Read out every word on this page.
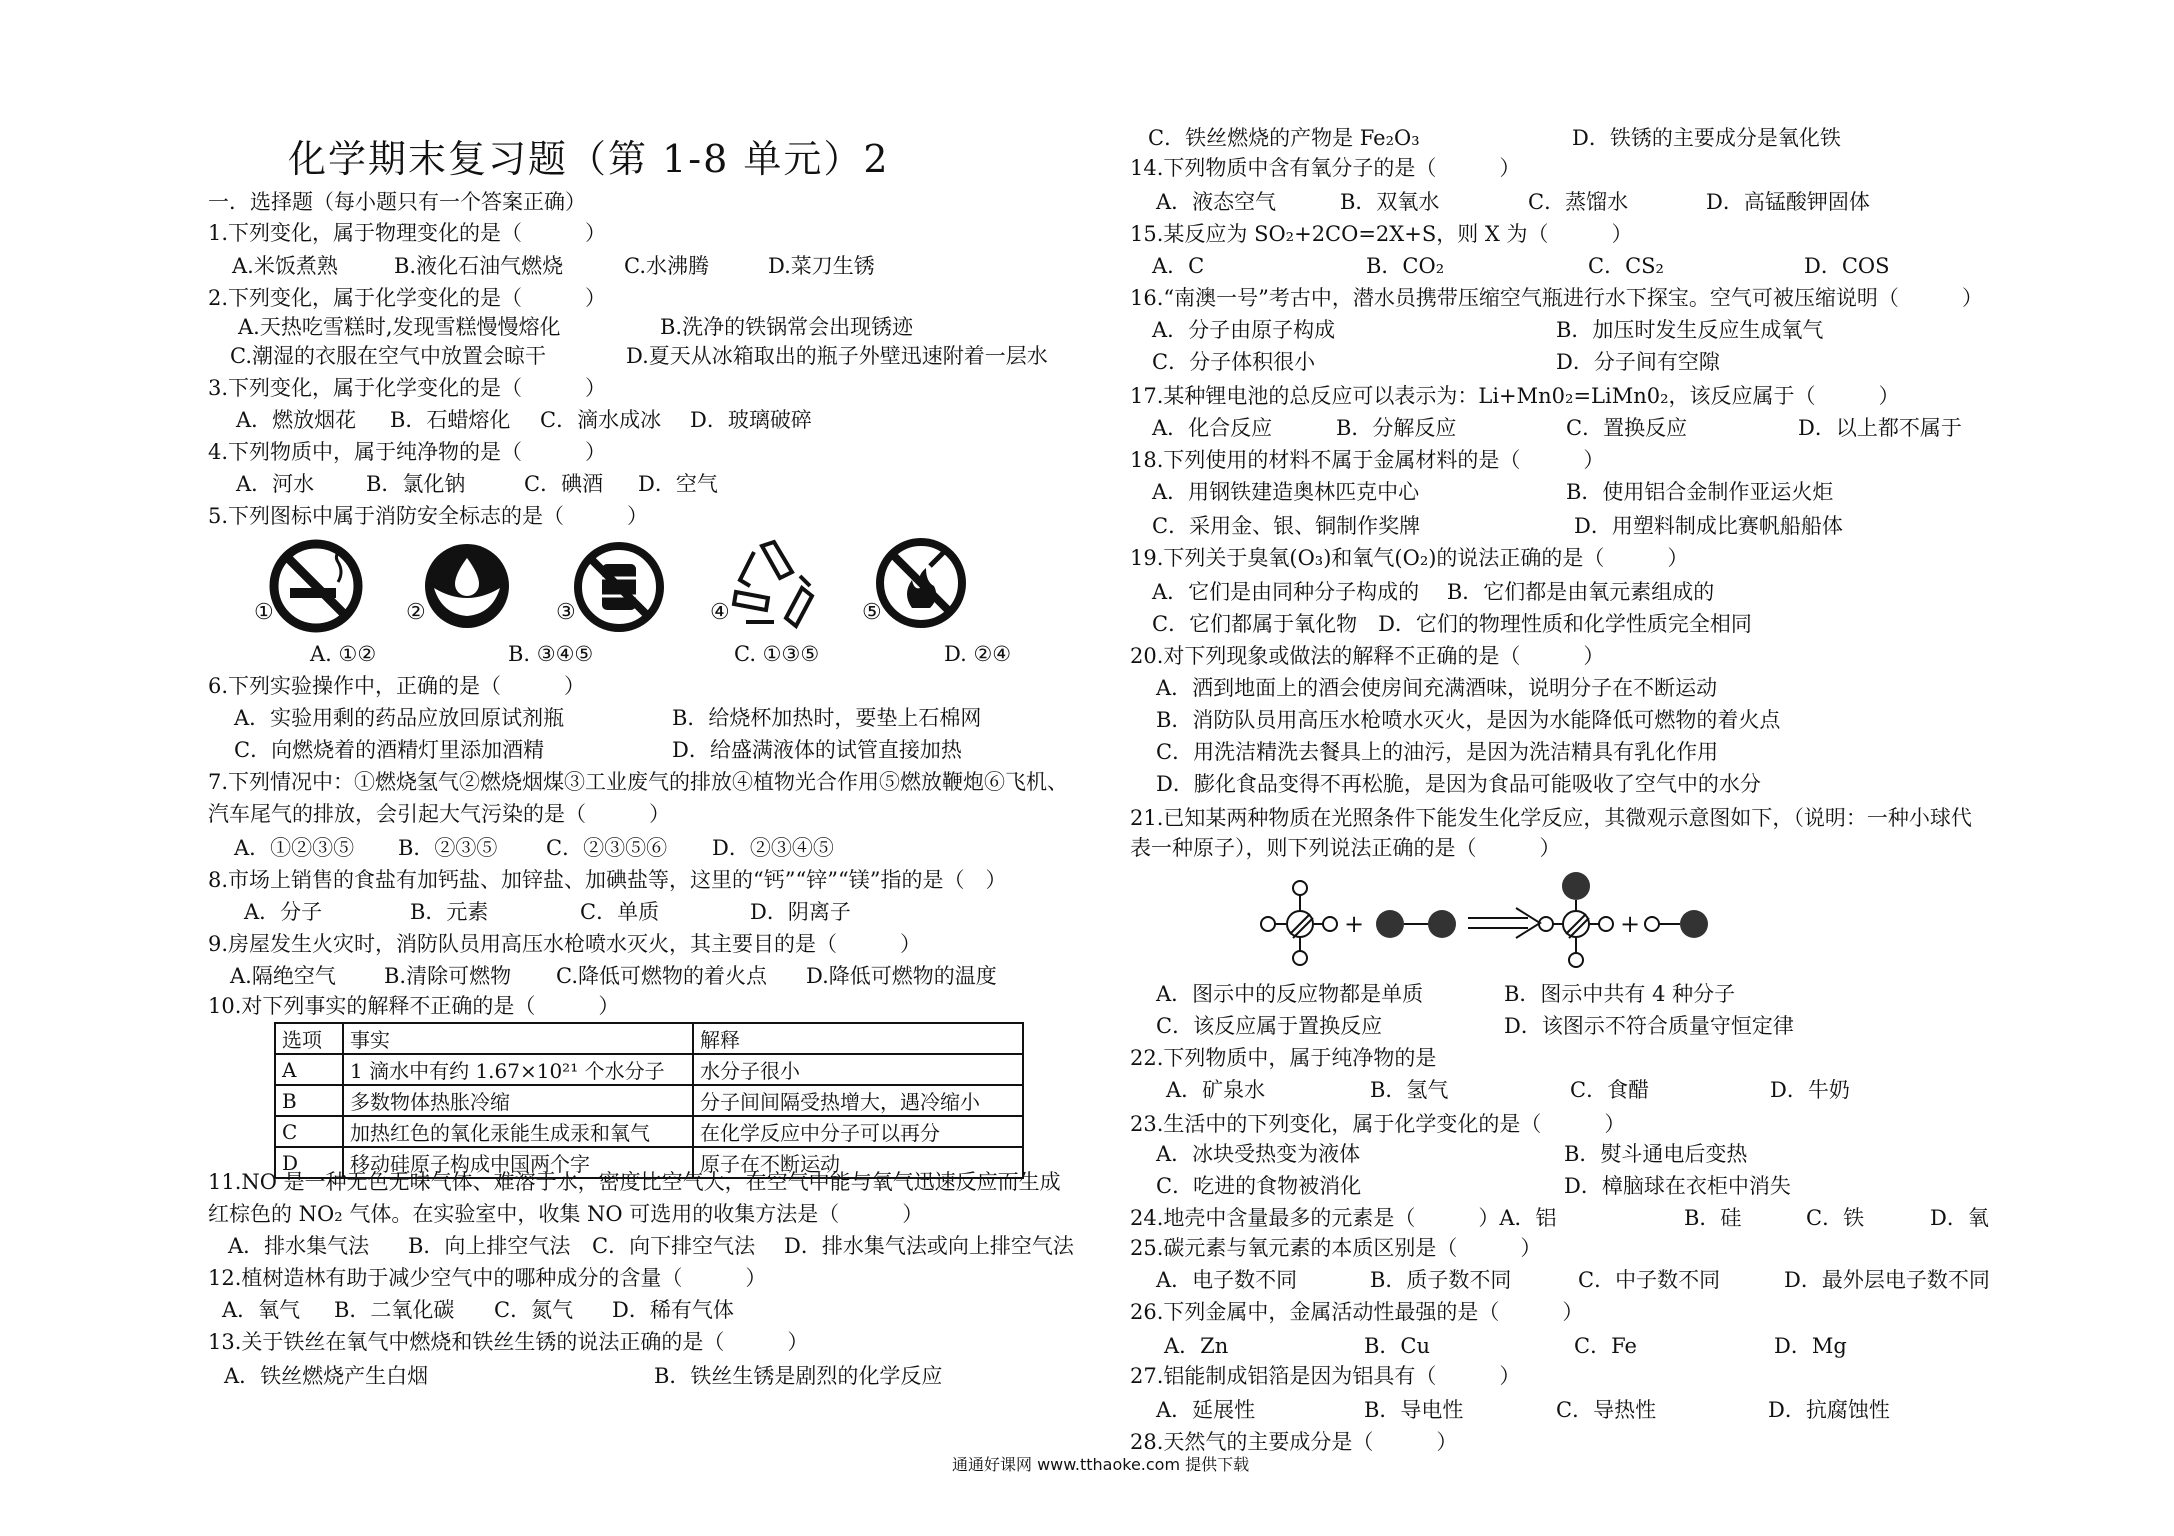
化学期末复习题（第 1-8 单元）2
一．选择题（每小题只有一个答案正确）
1.下列变化，属于物理变化的是（　　　）
A.米饭煮熟	B.液化石油气燃烧	C.水沸腾	D.菜刀生锈
2.下列变化，属于化学变化的是（　　　）
A.天热吃雪糕时,发现雪糕慢慢熔化	B.洗净的铁锅常会出现锈迹
C.潮湿的衣服在空气中放置会晾干	D.夏天从冰箱取出的瓶子外壁迅速附着一层水
3.下列变化，属于化学变化的是（　　　）
A．燃放烟花 B．石蜡熔化 C．滴水成冰 D．玻璃破碎
4.下列物质中，属于纯净物的是（　　　）
A．河水 B．氯化钠	C．碘酒 D．空气
5.下列图标中属于消防安全标志的是（　　　）
①	②	③	④	⑤
A. ①②	B. ③④⑤	C. ①③⑤	D. ②④
6.下列实验操作中，正确的是（　　　）
A．实验用剩的药品应放回原试剂瓶	B．给烧杯加热时，要垫上石棉网
C．向燃烧着的酒精灯里添加酒精	D．给盛满液体的试管直接加热
7.下列情况中：①燃烧氢气②燃烧烟煤③工业废气的排放④植物光合作用⑤燃放鞭炮⑥飞机、
汽车尾气的排放，会引起大气污染的是（　　　）
A．①②③⑤ B．②③⑤ C．②③⑤⑥ D．②③④⑤
8.市场上销售的食盐有加钙盐、加锌盐、加碘盐等，这里的“钙”“锌”“镁”指的是（　）
A．分子	B．元素	C．单质	D．阴离子
9.房屋发生火灾时，消防队员用高压水枪喷水灭火，其主要目的是（　　　）
A.隔绝空气 B.清除可燃物 C.降低可燃物的着火点 D.降低可燃物的温度
10.对下列事实的解释不正确的是（　　　）
选项	事实	解释
A	1 滴水中有约 1.67×10²¹ 个水分子	水分子很小
B	多数物体热胀冷缩	分子间间隔受热增大，遇冷缩小
C	加热红色的氧化汞能生成汞和氧气	在化学反应中分子可以再分
D	移动硅原子构成中国两个字	原子在不断运动
11.NO 是一种无色无味气体、难溶于水，密度比空气大，在空气中能与氧气迅速反应而生成
红棕色的 NO₂ 气体。在实验室中，收集 NO 可选用的收集方法是（　　　）
A．排水集气法 B．向上排空气法 C．向下排空气法 D．排水集气法或向上排空气法
12.植树造林有助于减少空气中的哪种成分的含量（　　　）
A．氧气 B．二氧化碳 C．氮气 D．稀有气体
13.关于铁丝在氧气中燃烧和铁丝生锈的说法正确的是（　　　）
A．铁丝燃烧产生白烟	B．铁丝生锈是剧烈的化学反应
C．铁丝燃烧的产物是 Fe₂O₃	D．铁锈的主要成分是氧化铁
14.下列物质中含有氧分子的是（　　　）
A．液态空气	B．双氧水	C．蒸馏水	D．高锰酸钾固体
15.某反应为 SO₂+2CO=2X+S，则 X 为（　　　）
A．C	B．CO₂	C．CS₂	D．COS
16.“南澳一号”考古中，潜水员携带压缩空气瓶进行水下探宝。空气可被压缩说明（　　　）
A．分子由原子构成	B．加压时发生反应生成氧气
C．分子体积很小	D．分子间有空隙
17.某种锂电池的总反应可以表示为：Li+Mn0₂=LiMn0₂，该反应属于（　　　）
A．化合反应	B．分解反应	C．置换反应	D．以上都不属于
18.下列使用的材料不属于金属材料的是（　　　）
A．用钢铁建造奥林匹克中心	B．使用铝合金制作亚运火炬
C．采用金、银、铜制作奖牌	D．用塑料制成比赛帆船船体
19.下列关于臭氧(O₃)和氧气(O₂)的说法正确的是（　　　）
A．它们是由同种分子构成的　 B．它们都是由氧元素组成的
C．它们都属于氧化物　D．它们的物理性质和化学性质完全相同
20.对下列现象或做法的解释不正确的是（　　　）
A．洒到地面上的酒会使房间充满酒味，说明分子在不断运动
B．消防队员用高压水枪喷水灭火，是因为水能降低可燃物的着火点
C．用洗洁精洗去餐具上的油污，是因为洗洁精具有乳化作用
D．膨化食品变得不再松脆，是因为食品可能吸收了空气中的水分
21.已知某两种物质在光照条件下能发生化学反应，其微观示意图如下，（说明：一种小球代
表一种原子），则下列说法正确的是（　　　）
+	+
A．图示中的反应物都是单质	B．图示中共有 4 种分子
C．该反应属于置换反应	D．该图示不符合质量守恒定律
22.下列物质中，属于纯净物的是
A．矿泉水	B．氢气	C．食醋	D．牛奶
23.生活中的下列变化，属于化学变化的是（　　　）
A．冰块受热变为液体	B．熨斗通电后变热
C．吃进的食物被消化	D．樟脑球在衣柜中消失
24.地壳中含量最多的元素是（　　　）A．铝	B．硅	C．铁	D．氧
25.碳元素与氧元素的本质区别是（　　　）
A．电子数不同	B．质子数不同	C．中子数不同	D．最外层电子数不同
26.下列金属中，金属活动性最强的是（　　　）
A．Zn	B．Cu	C．Fe	D．Mg
27.铝能制成铝箔是因为铝具有（　　　）
A．延展性	B．导电性	C．导热性	D．抗腐蚀性
28.天然气的主要成分是（　　　）
通通好课网 www.tthaoke.com 提供下载
